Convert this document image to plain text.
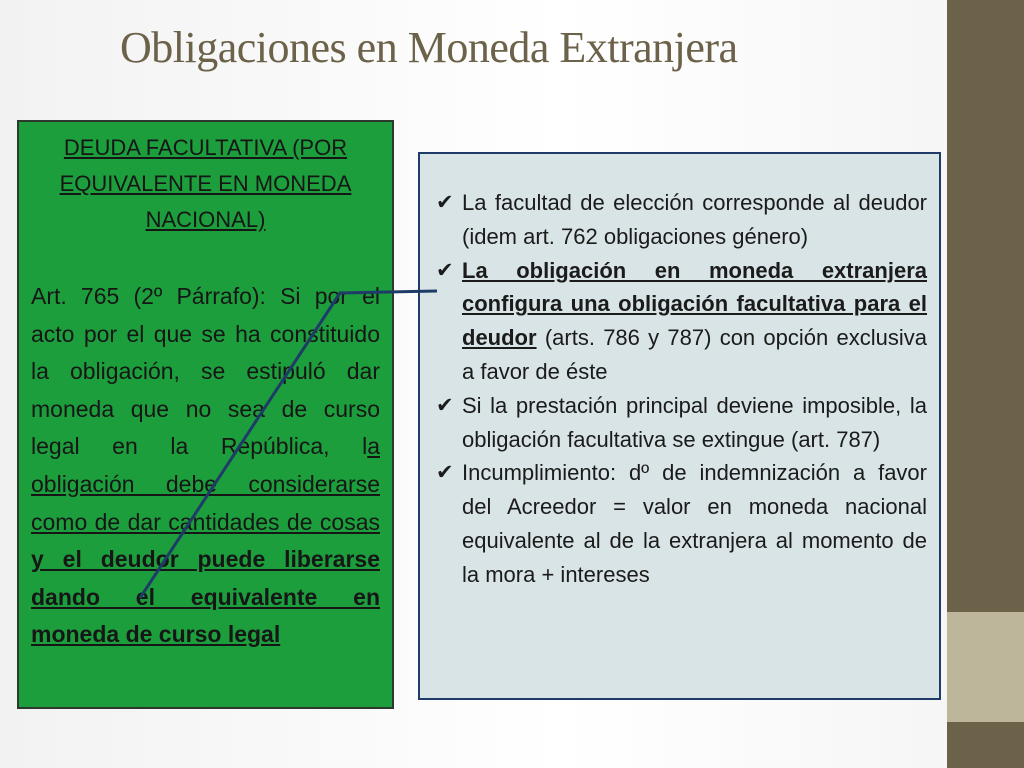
Obligaciones en Moneda Extranjera
DEUDA FACULTATIVA (POR EQUIVALENTE EN MONEDA NACIONAL)
Art. 765 (2º Párrafo): Si por el acto por el que se ha constituido la obligación, se estipuló dar moneda que no sea de curso legal en la República, la obligación debe considerarse como de dar cantidades de cosas y el deudor puede liberarse dando el equivalente en moneda de curso legal
✔ La facultad de elección corresponde al deudor (idem art. 762 obligaciones género)
✔ La obligación en moneda extranjera configura una obligación facultativa para el deudor (arts. 786 y 787) con opción exclusiva a favor de éste
✔ Si la prestación principal deviene imposible, la obligación facultativa se extingue (art. 787)
✔ Incumplimiento: dº de indemnización a favor del Acreedor = valor en moneda nacional equivalente al de la extranjera al momento de la mora + intereses
